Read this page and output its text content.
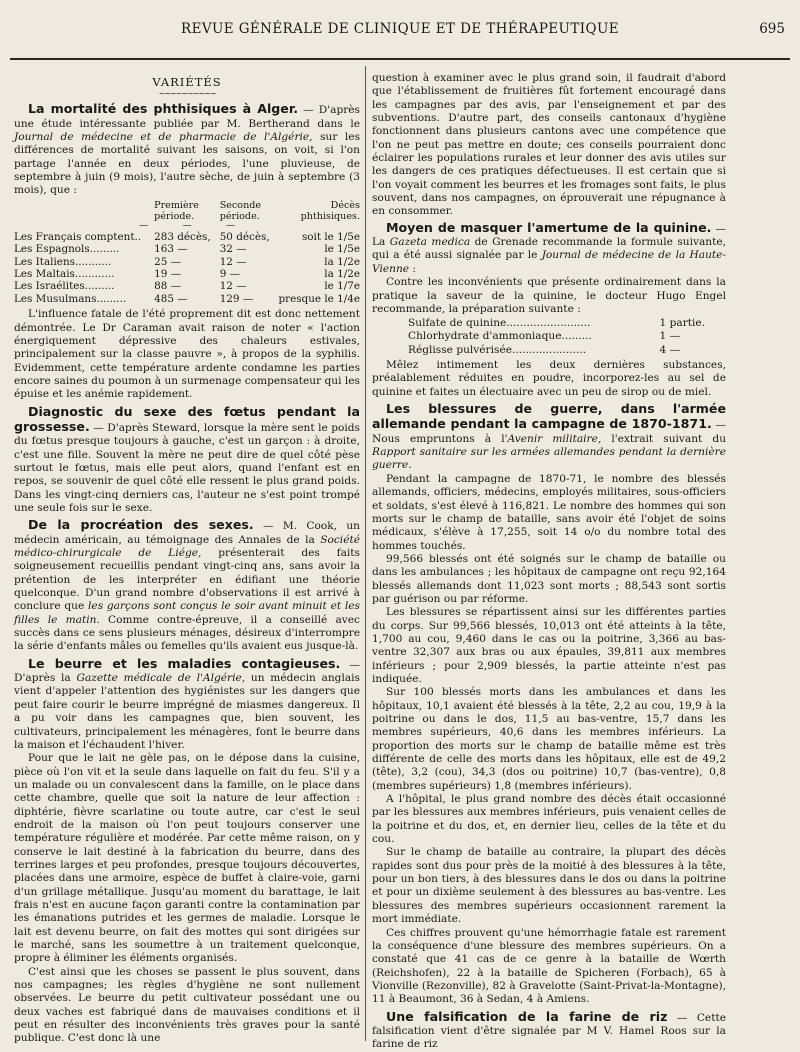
REVUE GÉNÉRALE DE CLINIQUE ET DE THÉRAPEUTIQUE	695
VARIÉTÉS
~~~~~~~~~~

La mortalité des phthisiques à Alger. — D'après une étude intéressante publiée par M. Bertherand dans le Journal de médecine et de pharmacie de l'Algérie, sur les différences de mortalité suivant les saisons, on voit, si l'on partage l'année en deux périodes, l'une pluvieuse, de septembre à juin (9 mois), l'autre sèche, de juin à septembre (3 mois), que :

	Première période.	Seconde période.	Décès phthisiques.
—            —            —			
Les Français comptent..	283 décès,	50 décès,	soit le 1/5e
Les Espagnols.........	163 —	32 —	le 1/5e
Les Italiens...........	25 —	12 —	la 1/2e
Les Maltais............	19 —	9 —	la 1/2e
Les Israélites.........	88 —	12 —	le 1/7e
Les Musulmans.........	485 —	129 —	presque le 1/4e

L'influence fatale de l'été proprement dit est donc nettement démontrée. Le Dr Caraman avait raison de noter « l'action énergiquement dépressive des chaleurs estivales, principalement sur la classe pauvre », à propos de la syphilis. Evidemment, cette température ardente condamne les parties encore saines du poumon à un surmenage compensateur qui les épuise et les anémie rapidement.

Diagnostic du sexe des fœtus pendant la grossesse. — D'après Steward, lorsque la mère sent le poids du fœtus presque toujours à gauche, c'est un garçon : à droite, c'est une fille. Souvent la mère ne peut dire de quel côté pèse surtout le fœtus, mais elle peut alors, quand l'enfant est en repos, se souvenir de quel côté elle ressent le plus grand poids. Dans les vingt-cinq derniers cas, l'auteur ne s'est point trompé une seule fois sur le sexe.

De la procréation des sexes. — M. Cook, un médecin américain, au témoignage des Annales de la Société médico-chirurgicale de Liége, présenterait des faits soigneusement recueillis pendant vingt-cinq ans, sans avoir la prétention de les interpréter en édifiant une théorie quelconque. D'un grand nombre d'observations il est arrivé à conclure que les garçons sont conçus le soir avant minuit et les filles le matin. Comme contre-épreuve, il a conseillé avec succès dans ce sens plusieurs ménages, désireux d'interrompre la série d'enfants mâles ou femelles qu'ils avaient eus jusque-là.

Le beurre et les maladies contagieuses. — D'après la Gazette médicale de l'Algérie, un médecin anglais vient d'appeler l'attention des hygiénistes sur les dangers que peut faire courir le beurre imprégné de miasmes dangereux. Il a pu voir dans les campagnes que, bien souvent, les cultivateurs, principalement les ménagères, font le beurre dans la maison et l'échaudent l'hiver.

Pour que le lait ne gèle pas, on le dépose dans la cuisine, pièce où l'on vit et la seule dans laquelle on fait du feu. S'il y a un malade ou un convalescent dans la famille, on le place dans cette chambre, quelle que soit la nature de leur affection : diphtérie, fièvre scarlatine ou toute autre, car c'est le seul endroit de la maison où l'on peut toujours conserver une température régulière et modérée. Par cette même raison, on y conserve le lait destiné à la fabrication du beurre, dans des terrines larges et peu profondes, presque toujours découvertes, placées dans une armoire, espèce de buffet à claire-voie, garni d'un grillage métallique. Jusqu'au moment du barattage, le lait frais n'est en aucune façon garanti contre la contamination par les émanations putrides et les germes de maladie. Lorsque le lait est devenu beurre, on fait des mottes qui sont dirigées sur le marché, sans les soumettre à un traitement quelconque, propre à éliminer les éléments organisés.

C'est ainsi que les choses se passent le plus souvent, dans nos campagnes; les règles d'hygiène ne sont nullement observées. Le beurre du petit cultivateur possédant une ou deux vaches est fabriqué dans de mauvaises conditions et il peut en résulter des inconvénients très graves pour la santé publique. C'est donc là une

question à examiner avec le plus grand soin, il faudrait d'abord que l'établissement de fruitières fût fortement encouragé dans les campagnes par des avis, par l'enseignement et par des subventions. D'autre part, des conseils cantonaux d'hygiène fonctionnent dans plusieurs cantons avec une compétence que l'on ne peut pas mettre en doute; ces conseils pourraient donc éclairer les populations rurales et leur donner des avis utiles sur les dangers de ces pratiques défectueuses. Il est certain que si l'on voyait comment les beurres et les fromages sont faits, le plus souvent, dans nos campagnes, on éprouverait une répugnance à en consommer.

Moyen de masquer l'amertume de la quinine. — La Gazeta medica de Grenade recommande la formule suivante, qui a été aussi signalée par le Journal de médecine de la Haute-Vienne :

Contre les inconvénients que présente ordinairement dans la pratique la saveur de la quinine, le docteur Hugo Engel recommande, la préparation suivante :

Sulfate de quinine.........................	1 partie.
Chlorhydrate d'ammoniaque.........	1 —
Réglisse pulvérisée......................	4 —

Mêlez intimement les deux dernières substances, préalablement réduites en poudre, incorporez-les au sel de quinine et faites un électuaire avec un peu de sirop ou de miel.

Les blessures de guerre, dans l'armée allemande pendant la campagne de 1870-1871. — Nous empruntons à l'Avenir militaire, l'extrait suivant du Rapport sanitaire sur les armées allemandes pendant la dernière guerre.

Pendant la campagne de 1870-71, le nombre des blessés allemands, officiers, médecins, employés militaires, sous-officiers et soldats, s'est élevé à 116,821. Le nombre des hommes qui son morts sur le champ de bataille, sans avoir été l'objet de soins médicaux, s'élève à 17,255, soit 14 o/o du nombre total des hommes touchés.

99,566 blessés ont été soignés sur le champ de bataille ou dans les ambulances ; les hôpitaux de campagne ont reçu 92,164 blessés allemands dont 11,023 sont morts ; 88,543 sont sortis par guérison ou par réforme.

Les blessures se répartissent ainsi sur les différentes parties du corps. Sur 99,566 blessés, 10,013 ont été atteints à la tête, 1,700 au cou, 9,460 dans le cas ou la poitrine, 3,366 au bas-ventre 32,307 aux bras ou aux épaules, 39,811 aux membres inférieurs ; pour 2,909 blessés, la partie atteinte n'est pas indiquée.

Sur 100 blessés morts dans les ambulances et dans les hôpitaux, 10,1 avaient été blessés à la tête, 2,2 au cou, 19,9 à la poitrine ou dans le dos, 11,5 au bas-ventre, 15,7 dans les membres supérieurs, 40,6 dans les membres inférieurs. La proportion des morts sur le champ de bataille même est très différente de celle des morts dans les hôpitaux, elle est de 49,2 (tête), 3,2 (cou), 34,3 (dos ou poitrine) 10,7 (bas-ventre), 0,8 (membres supérieurs) 1,8 (membres inférieurs).

A l'hôpital, le plus grand nombre des décès était occasionné par les blessures aux membres inférieurs, puis venaient celles de la poitrine et du dos, et, en dernier lieu, celles de la tête et du cou.

Sur le champ de bataille au contraire, la plupart des décès rapides sont dus pour près de la moitié à des blessures à la tête, pour un bon tiers, à des blessures dans le dos ou dans la poitrine et pour un dixième seulement à des blessures au bas-ventre. Les blessures des membres supérieurs occasionnent rarement la mort immédiate.

Ces chiffres prouvent qu'une hémorrhagie fatale est rarement la conséquence d'une blessure des membres supérieurs. On a constaté que 41 cas de ce genre à la bataille de Wœrth (Reichshofen), 22 à la bataille de Spicheren (Forbach), 65 à Vionville (Rezonville), 82 à Gravelotte (Saint-Privat-la-Montagne), 11 à Beaumont, 36 à Sedan, 4 à Amiens.

Une falsification de la farine de riz — Cette falsification vient d'être signalée par M V. Hamel Roos sur la farine de riz
